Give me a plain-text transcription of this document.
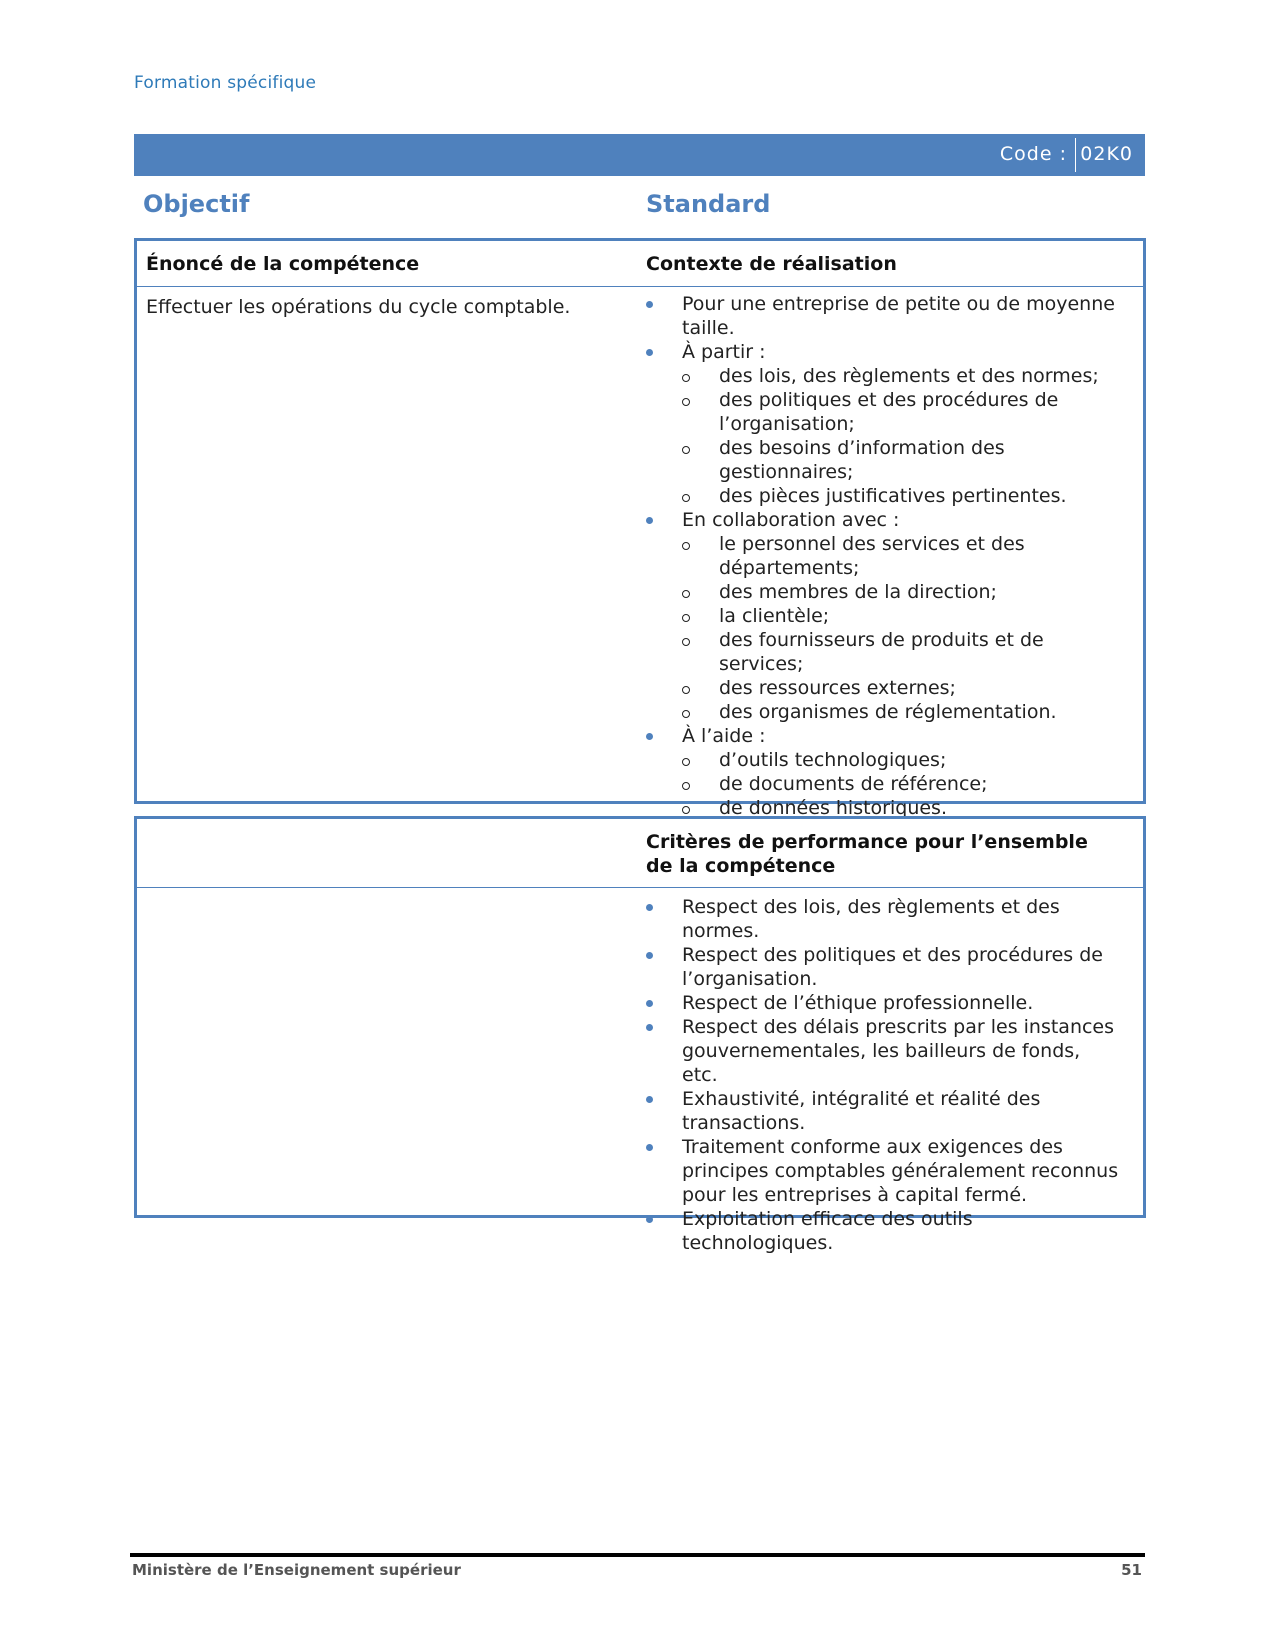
Formation spécifique
Code : 02K0
Objectif	Standard
Énoncé de la compétence	Contexte de réalisation
Effectuer les opérations du cycle comptable.	Pour une entreprise de petite ou de moyenne taille.
À partir :
des lois, des règlements et des normes;
des politiques et des procédures de l’organisation;
des besoins d’information des gestionnaires;
des pièces justificatives pertinentes.
En collaboration avec :
le personnel des services et des départements;
des membres de la direction;
la clientèle;
des fournisseurs de produits et de services;
des ressources externes;
des organismes de réglementation.
À l’aide :
d’outils technologiques;
de documents de référence;
de données historiques.
Critères de performance pour l’ensemble
de la compétence
Respect des lois, des règlements et des normes.
Respect des politiques et des procédures de l’organisation.
Respect de l’éthique professionnelle.
Respect des délais prescrits par les instances gouvernementales, les bailleurs de fonds, etc.
Exhaustivité, intégralité et réalité des transactions.
Traitement conforme aux exigences des principes comptables généralement reconnus pour les entreprises à capital fermé.
Exploitation efficace des outils technologiques.
Ministère de l’Enseignement supérieur	51
